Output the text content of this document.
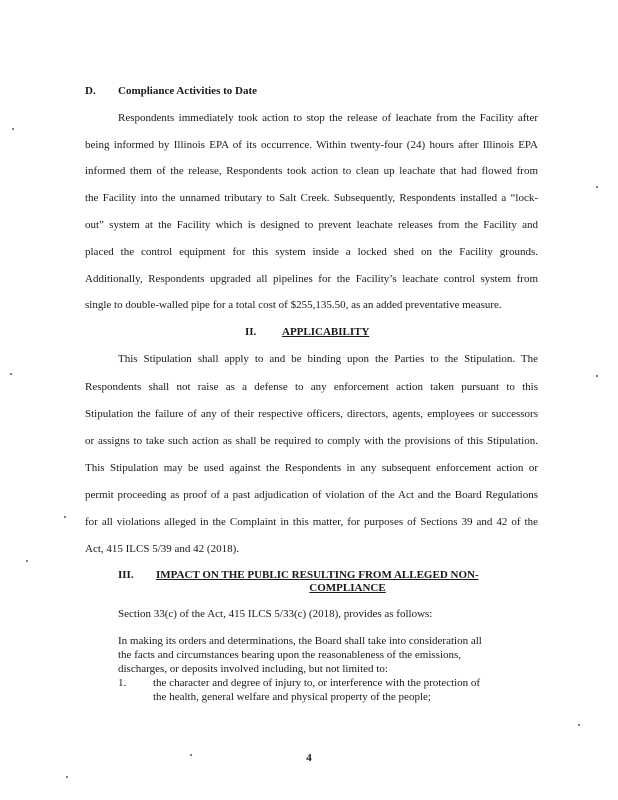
D. Compliance Activities to Date
Respondents immediately took action to stop the release of leachate from the Facility after
being informed by Illinois EPA of its occurrence. Within twenty-four (24) hours after Illinois EPA
informed them of the release, Respondents took action to clean up leachate that had flowed from
the Facility into the unnamed tributary to Salt Creek. Subsequently, Respondents installed a “lock-
out” system at the Facility which is designed to prevent leachate releases from the Facility and
placed the control equipment for this system inside a locked shed on the Facility grounds.
Additionally, Respondents upgraded all pipelines for the Facility’s leachate control system from
single to double-walled pipe for a total cost of $255,135.50, as an added preventative measure.
II. APPLICABILITY
This Stipulation shall apply to and be binding upon the Parties to the Stipulation. The
Respondents shall not raise as a defense to any enforcement action taken pursuant to this
Stipulation the failure of any of their respective officers, directors, agents, employees or successors
or assigns to take such action as shall be required to comply with the provisions of this Stipulation.
This Stipulation may be used against the Respondents in any subsequent enforcement action or
permit proceeding as proof of a past adjudication of violation of the Act and the Board Regulations
for all violations alleged in the Complaint in this matter, for purposes of Sections 39 and 42 of the
Act, 415 ILCS 5/39 and 42 (2018).
III. IMPACT ON THE PUBLIC RESULTING FROM ALLEGED NON-
COMPLIANCE
Section 33(c) of the Act, 415 ILCS 5/33(c) (2018), provides as follows:
In making its orders and determinations, the Board shall take into consideration all
the facts and circumstances bearing upon the reasonableness of the emissions,
discharges, or deposits involved including, but not limited to:
1. the character and degree of injury to, or interference with the protection of
the health, general welfare and physical property of the people;
4
